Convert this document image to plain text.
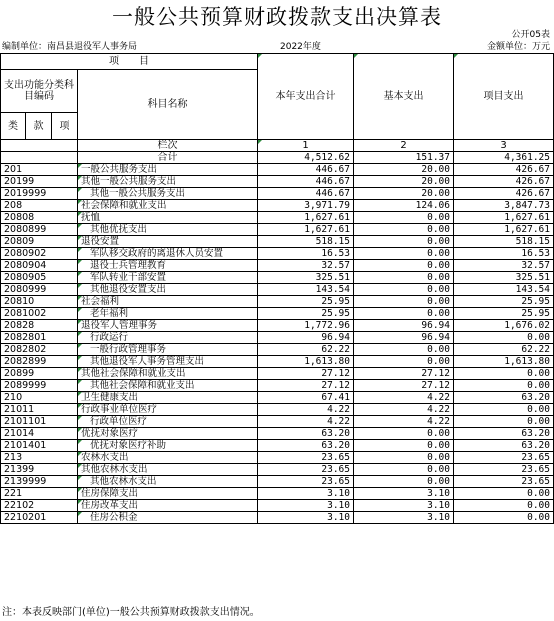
一般公共预算财政拨款支出决算表
公开05表
编制单位：南昌县退役军人事务局	2022年度	金额单位：万元
项　　目				本年支出合计	基本支出	项目支出
支出功能分类科目编码			科目名称			
类	款	项				
			栏次	1	2	3
			合计	4,512.62	151.37	4,361.25
201			一般公共服务支出	446.67	20.00	426.67
20199			其他一般公共服务支出	446.67	20.00	426.67
2019999			其他一般公共服务支出	446.67	20.00	426.67
208			社会保障和就业支出	3,971.79	124.06	3,847.73
20808			抚恤	1,627.61	0.00	1,627.61
2080899			其他优抚支出	1,627.61	0.00	1,627.61
20809			退役安置	518.15	0.00	518.15
2080902			军队移交政府的离退休人员安置	16.53	0.00	16.53
2080904			退役士兵管理教育	32.57	0.00	32.57
2080905			军队转业干部安置	325.51	0.00	325.51
2080999			其他退役安置支出	143.54	0.00	143.54
20810			社会福利	25.95	0.00	25.95
2081002			老年福利	25.95	0.00	25.95
20828			退役军人管理事务	1,772.96	96.94	1,676.02
2082801			行政运行	96.94	96.94	0.00
2082802			一般行政管理事务	62.22	0.00	62.22
2082899			其他退役军人事务管理支出	1,613.80	0.00	1,613.80
20899			其他社会保障和就业支出	27.12	27.12	0.00
2089999			其他社会保障和就业支出	27.12	27.12	0.00
210			卫生健康支出	67.41	4.22	63.20
21011			行政事业单位医疗	4.22	4.22	0.00
2101101			行政单位医疗	4.22	4.22	0.00
21014			优抚对象医疗	63.20	0.00	63.20
2101401			优抚对象医疗补助	63.20	0.00	63.20
213			农林水支出	23.65	0.00	23.65
21399			其他农林水支出	23.65	0.00	23.65
2139999			其他农林水支出	23.65	0.00	23.65
221			住房保障支出	3.10	3.10	0.00
22102			住房改革支出	3.10	3.10	0.00
2210201			住房公积金	3.10	3.10	0.00
注：本表反映部门(单位)一般公共预算财政拨款支出情况。
